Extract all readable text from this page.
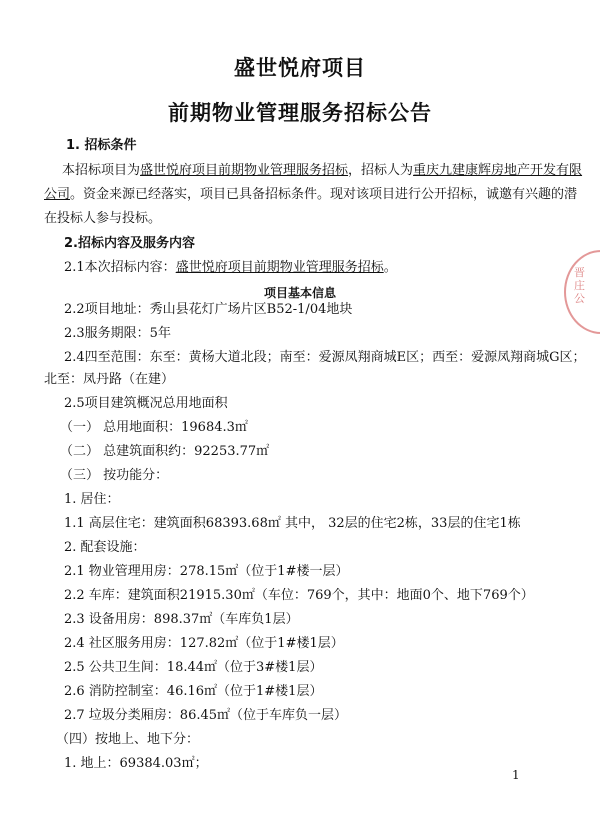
盛世悦府项目
前期物业管理服务招标公告
1. 招标条件
本招标项目为盛世悦府项目前期物业管理服务招标，招标人为重庆九建康辉房地产开发有限
公司。资金来源已经落实，项目已具备招标条件。现对该项目进行公开招标，诚邀有兴趣的潜
在投标人参与投标。
2.招标内容及服务内容
2.1本次招标内容：盛世悦府项目前期物业管理服务招标。
项目基本信息
2.2项目地址：秀山县花灯广场片区B52-1/04地块
2.3服务期限：5年
2.4四至范围：东至：黄杨大道北段；南至：爱源凤翔商城E区；西至：爱源凤翔商城G区；
北至：凤丹路（在建）
2.5项目建筑概况总用地面积
（一） 总用地面积：19684.3㎡
（二） 总建筑面积约：92253.77㎡
（三） 按功能分：
1. 居住：
1.1 高层住宅：建筑面积68393.68㎡ 其中， 32层的住宅2栋，33层的住宅1栋
2. 配套设施：
2.1 物业管理用房：278.15㎡（位于1#楼一层）
2.2 车库：建筑面积21915.30㎡（车位：769个，其中：地面0个、地下769个）
2.3 设备用房：898.37㎡（车库负1层）
2.4 社区服务用房：127.82㎡（位于1#楼1层）
2.5 公共卫生间：18.44㎡（位于3#楼1层）
2.6 消防控制室：46.16㎡（位于1#楼1层）
2.7 垃圾分类厢房：86.45㎡（位于车库负一层）
（四）按地上、地下分：
1. 地上：69384.03㎡；
1
晋庄公
